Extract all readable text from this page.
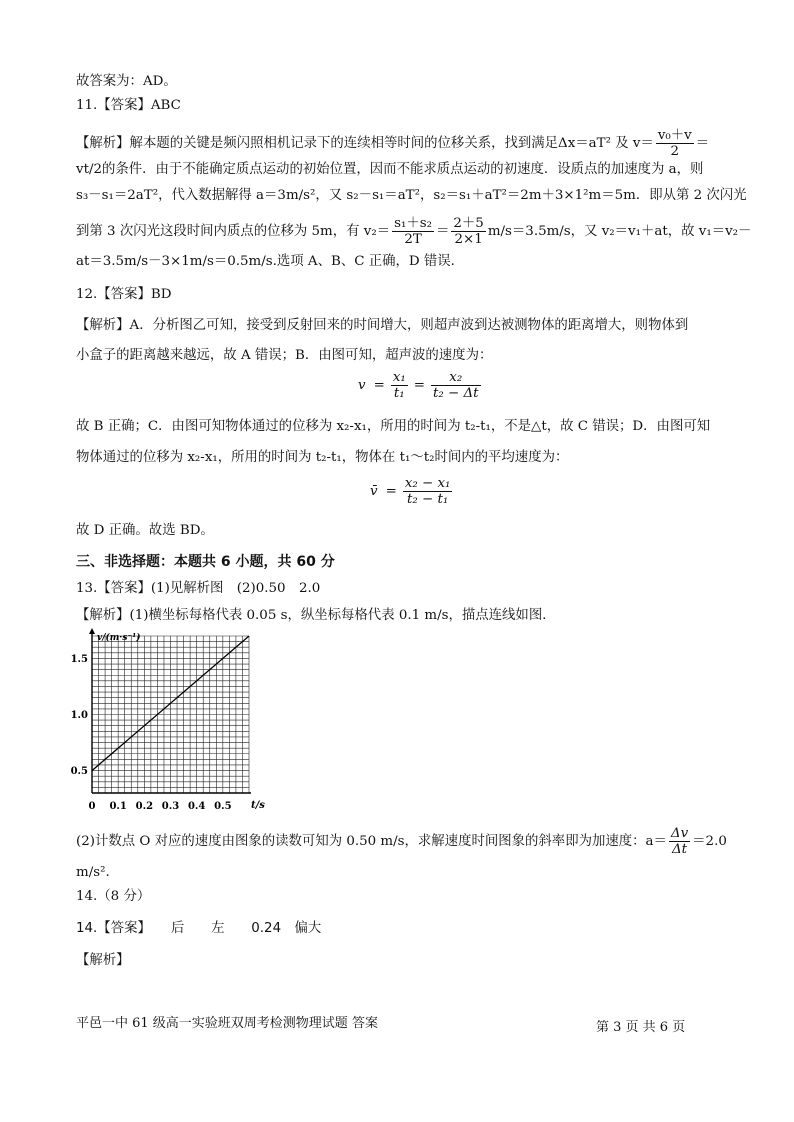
故答案为：AD。
11.【答案】ABC
【解析】解本题的关键是频闪照相机记录下的连续相等时间的位移关系，找到满足Δx＝aT² 及 $v= \frac{\text{v₀＋v}}{2}$ ＝
vt/2的条件．由于不能确定质点运动的初始位置，因而不能求质点运动的初速度．设质点的加速度为 a，则
s₃－s₁＝2aT²，代入数据解得 a＝3m/s²，又 s₂－s₁＝aT²，s₂＝s₁＋aT²＝2m＋3×1²m＝5m．即从第 2 次闪光
到第 3 次闪光这段时间内质点的位移为 5m，有 $v_2= \frac{\text{s₁＋s₂}}{2T} = \frac{2+5}{2\times 1} m/s=3.5m/s$，又 v₂＝v₁＋at，故 v₁＝v₂－
at＝3.5m/s－3×1m/s＝0.5m/s.选项 A、B、C 正确，D 错误．
12.【答案】BD
【解析】A．分析图乙可知，接受到反射回来的时间增大，则超声波到达被测物体的距离增大，则物体到
小盒子的距离越来越远，故 A 错误；B．由图可知，超声波的速度为：
$v = \frac{\text{x₁}}{\text{t₁}} = \frac{\text{x₂}}{\text{t₂ − Δt}}$
故 B 正确；C．由图可知物体通过的位移为 x₂-x₁，所用的时间为 t₂-t₁，不是△t，故 C 错误；D．由图可知
物体通过的位移为 x₂-x₁，所用的时间为 t₂-t₁，物体在 t₁～t₂时间内的平均速度为：
v̄ = $\frac{\text{x₂ − x₁}}{\text{t₂ − t₁}}$
故 D 正确。故选 BD。
三、非选择题：本题共 6 小题，共 60 分
13.【答案】(1)见解析图　(2)0.50　2.0
【解析】(1)横坐标每格代表 0.05 s，纵坐标每格代表 0.1 m/s，描点连线如图．
0 0.1 0.2 0.3 0.4 0.5
0.5
1.0
1.5
v/(m·s⁻¹)
t/s
(2)计数点 O 对应的速度由图象的读数可知为 0.50 m/s，求解速度时间图象的斜率即为加速度：$a= \frac{\Delta v}{\Delta t} =2.0$
m/s².
14.（8 分）
14.【答案】　　后　　左　　0.24　偏大
【解析】
平邑一中 61 级高一实验班双周考检测物理试题 答案	第 3 页 共 6 页
